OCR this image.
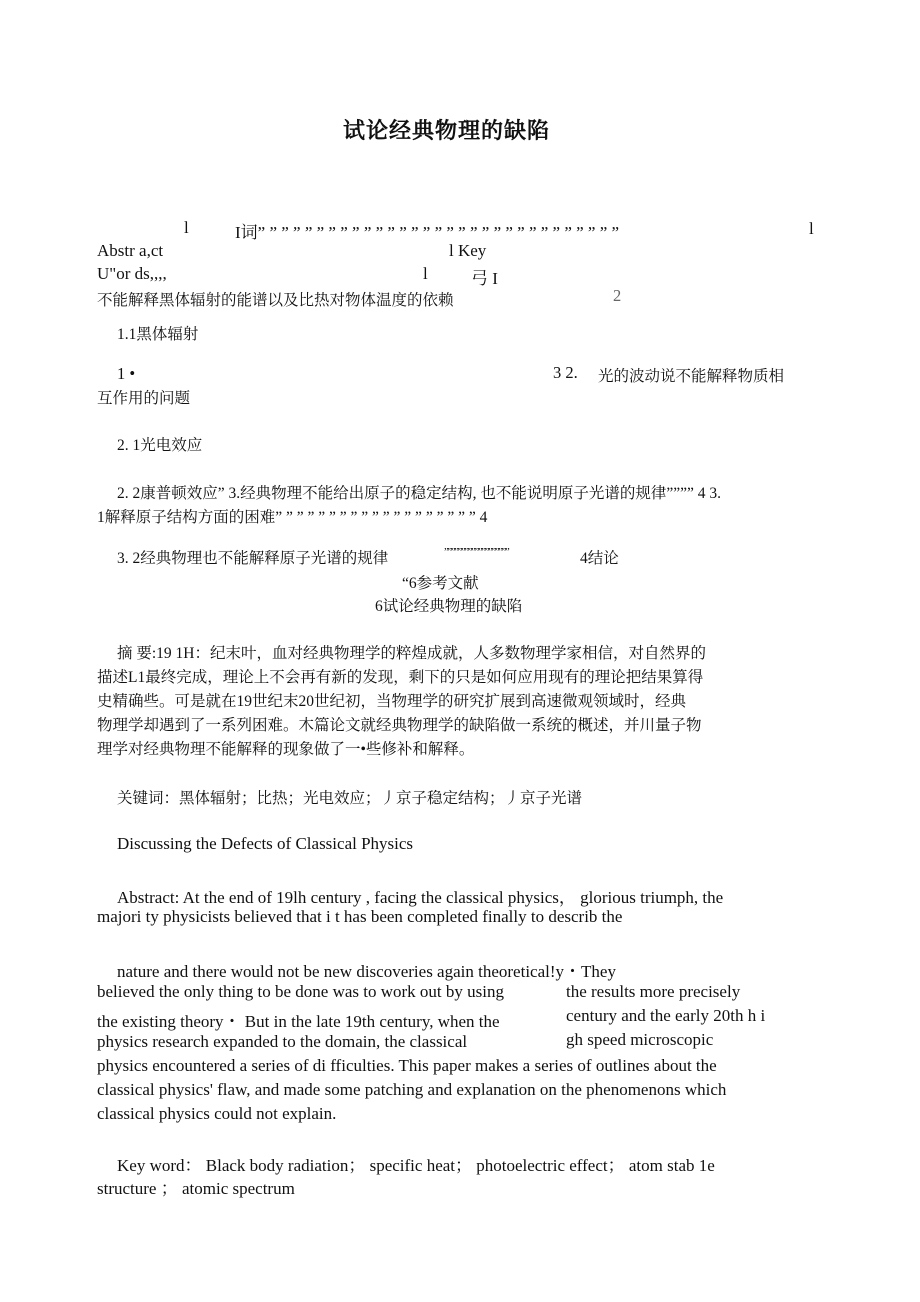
试论经典物理的缺陷
l	I词” ” ” ” ” ” ” ” ” ” ” ” ” ” ” ” ” ” ” ” ” ” ” ” ” ” ” ” ” ” ”	l
Abstr a,ct	l Key
U"or ds,,,,	l	弓 I
不能解释黑体辐射的能谱以及比热对物体温度的依赖	2
1.1黑体辐射
1 •	3 2. 光的波动说不能解释物质相
互作用的问题
2. 1光电效应
2. 2康普顿效应” 3.经典物理不能给出原子的稳定结构, 也不能说明原子光谱的规律”””” 4 3.
1解释原子结构方面的困难” ” ” ” ” ” ” ” ” ” ” ” ” ” ” ” ” ” ” 4
3. 2经典物理也不能解释原子光谱的规律	”””””””””””””””””””	4结论
“6参考文献
6试论经典物理的缺陷
摘 要:19 1H：纪末叶，血对经典物理学的粹煌成就，人多数物理学家相信，对自然界的
描述L1最终完成，理论上不会再有新的发现，剩下的只是如何应用现有的理论把结果算得
史精确些。可是就在19世纪末20世纪初，当物理学的研究扩展到高速微观领域时，经典
物理学却遇到了一系列困难。木篇论文就经典物理学的缺陷做一系统的概述，并川量子物
理学对经典物理不能解释的现象做了一•些修补和解释。
关键词：黑体辐射；比热；光电效应；丿京子稳定结构；丿京子光谱
Discussing the Defects of Classical Physics
Abstract: At the end of 19lh century , facing the classical physics， glorious triumph, the
majori ty physicists believed that i t has been completed finally to describ the
nature and there would not be new discoveries again theoretical!y・They
believed the only thing to be done was to work out by using
the existing theory・ But in the late 19th century, when the
physics research expanded to the domain, the classical
the results more precisely
century and the early 20th h i
gh speed microscopic
physics encountered a series of di fficulties. This paper makes a series of outlines about the
classical physics' flaw, and made some patching and explanation on the phenomenons which
classical physics could not explain.
Key word： Black body radiation； specific heat； photoelectric effect； atom stab 1e
structure ； atomic spectrum
